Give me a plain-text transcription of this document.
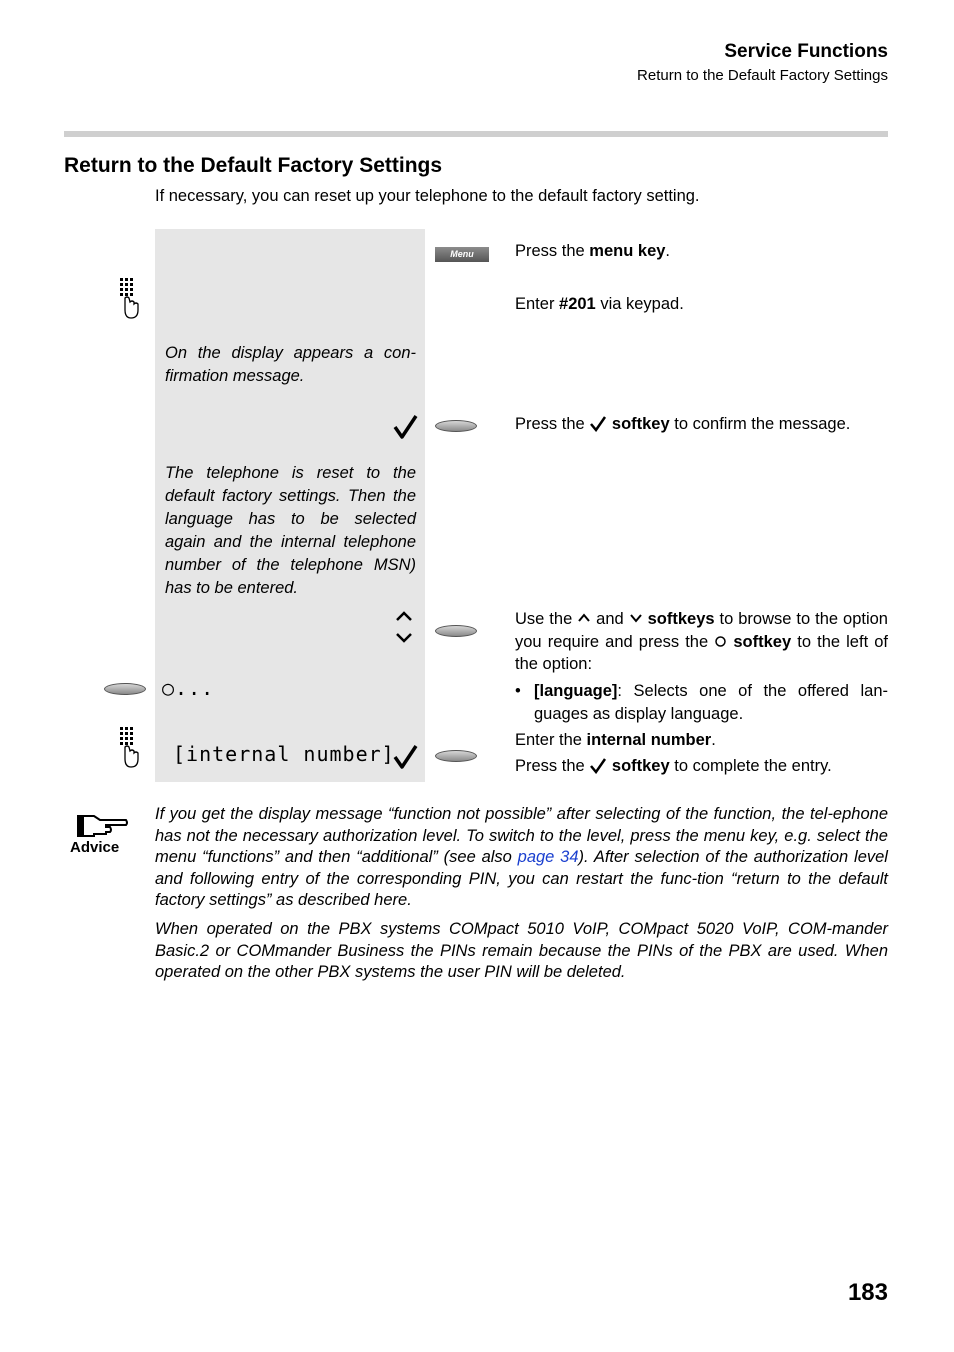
Service Functions
Return to the Default Factory Settings
Return to the Default Factory Settings
If necessary, you can reset up your telephone to the default factory setting.
Menu
On the display appears a con-firmation message.
The telephone is reset to the default factory settings. Then the language has to be selected again and the internal telephone number of the telephone MSN) has to be entered.
○...
[internal number]
Press the menu key.
Enter #201 via keypad.
Press the  softkey to confirm the message.
Use the  and  softkeys to browse to the option you require and press the  softkey to the left of the option:
• [language]: Selects one of the offered lan-guages as display language.
Enter the internal number.
Press the  softkey to complete the entry.
Advice
If you get the display message “function not possible” after selecting of the function, the tel-ephone has not the necessary authorization level. To switch to the level, press the menu key, e.g. select the menu “functions” and then “additional” (see also page 34). After selection of the authorization level and following entry of the corresponding PIN, you can restart the func-tion “return to the default factory settings” as described here.
When operated on the PBX systems COMpact 5010 VoIP, COMpact 5020 VoIP, COM-mander Basic.2 or COMmander Business the PINs remain because the PINs of the PBX are used. When operated on the other PBX systems the user PIN will be deleted.
183
